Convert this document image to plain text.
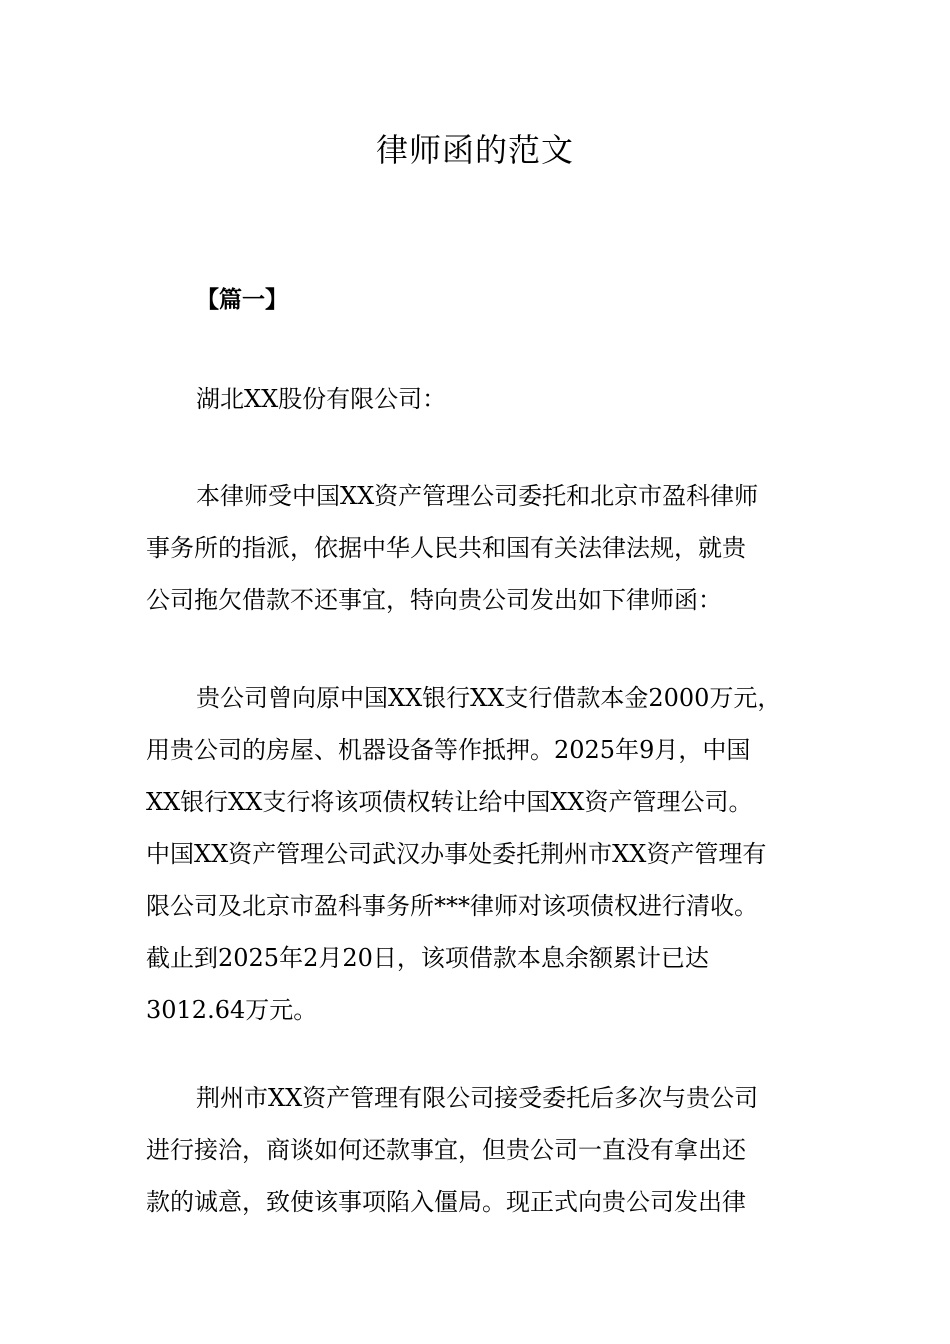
律师函的范文
【篇一】
湖北XX股份有限公司：
本律师受中国XX资产管理公司委托和北京市盈科律师
事务所的指派，依据中华人民共和国有关法律法规，就贵
公司拖欠借款不还事宜，特向贵公司发出如下律师函：
贵公司曾向原中国XX银行XX支行借款本金2000万元，
用贵公司的房屋、机器设备等作抵押。2025年9月，中国
XX银行XX支行将该项债权转让给中国XX资产管理公司。
中国XX资产管理公司武汉办事处委托荆州市XX资产管理有
限公司及北京市盈科事务所***律师对该项债权进行清收。
截止到2025年2月20日，该项借款本息余额累计已达
3012.64万元。
荆州市XX资产管理有限公司接受委托后多次与贵公司
进行接洽，商谈如何还款事宜，但贵公司一直没有拿出还
款的诚意，致使该事项陷入僵局。现正式向贵公司发出律
